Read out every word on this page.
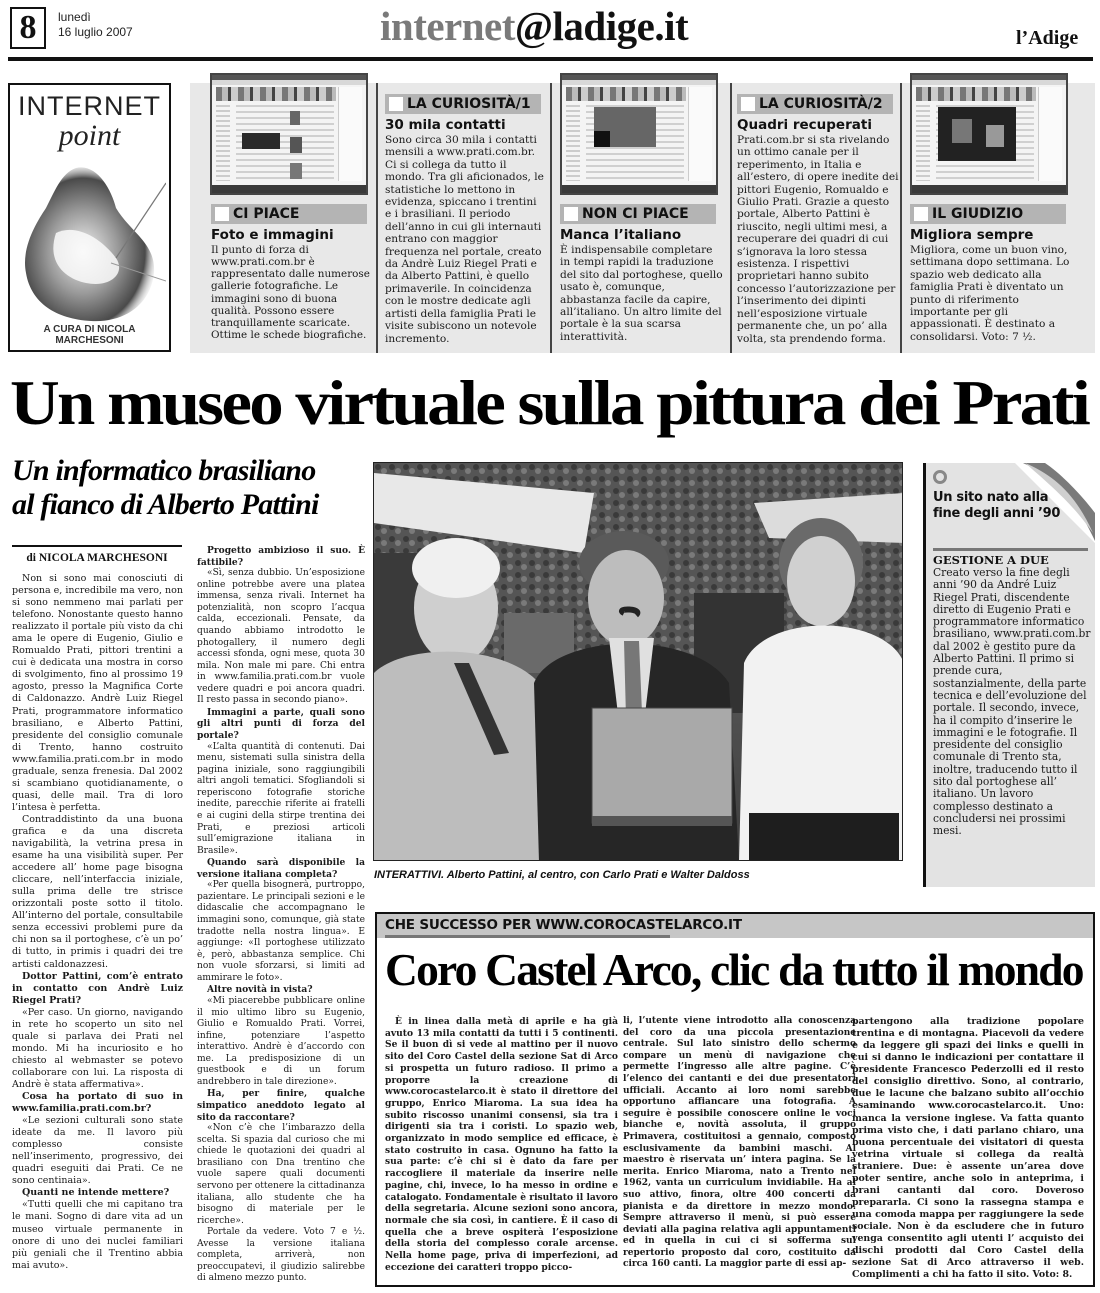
8	lunedì
16 luglio 2007	internet@ladige.it	l’Adige
INTERNET
point
A CURA DI NICOLA MARCHESONI
CI PIACE
Foto e immagini
Il punto di forza di www.prati.com.br è rappresentato dalle numerose gallerie fotografiche. Le immagini sono di buona qualità. Possono essere tranquillamente scaricate. Ottime le schede biografiche.
LA CURIOSITÀ/1
30 mila contatti
Sono circa 30 mila i contatti mensili a www.prati.com.br. Ci si collega da tutto il mondo. Tra gli aficionados, le statistiche lo mettono in evidenza, spiccano i trentini e i brasiliani. Il periodo dell’anno in cui gli internauti entrano con maggior frequenza nel portale, creato da Andrè Luiz Riegel Prati e da Alberto Pattini, è quello primaverile. In coincidenza con le mostre dedicate agli artisti della famiglia Prati le visite subiscono un notevole incremento.
NON CI PIACE
Manca l’italiano
È indispensabile completare in tempi rapidi la traduzione del sito dal portoghese, quello usato è, comunque, abbastanza facile da capire, all’italiano. Un altro limite del portale è la sua scarsa interattività.
LA CURIOSITÀ/2
Quadri recuperati
Prati.com.br si sta rivelando un ottimo canale per il reperimento, in Italia e all’estero, di opere inedite dei pittori Eugenio, Romualdo e Giulio Prati. Grazie a questo portale, Alberto Pattini è riuscito, negli ultimi mesi, a recuperare dei quadri di cui s’ignorava la loro stessa esistenza. I rispettivi proprietari hanno subito concesso l’autorizzazione per l’inserimento dei dipinti nell’esposizione virtuale permanente che, un po’ alla volta, sta prendendo forma.
IL GIUDIZIO
Migliora sempre
Migliora, come un buon vino, settimana dopo settimana. Lo spazio web dedicato alla famiglia Prati è diventato un punto di riferimento importante per gli appassionati. È destinato a consolidarsi. Voto: 7 ½.
Un museo virtuale sulla pittura dei Prati
Un informatico brasiliano
al fianco di Alberto Pattini
di NICOLA MARCHESONI

Non si sono mai conosciuti di persona e, incredibile ma vero, non si sono nemmeno mai parlati per telefono. Nonostante questo hanno realizzato il portale più visto da chi ama le opere di Eugenio, Giulio e Romualdo Prati, pittori trentini a cui è dedicata una mostra in corso di svolgimento, fino al prossimo 19 agosto, presso la Magnifica Corte di Caldonazzo. Andrè Luiz Riegel Prati, programmatore informatico brasiliano, e Alberto Pattini, presidente del consiglio comunale di Trento, hanno costruito www.familia.prati.com.br in modo graduale, senza frenesia. Dal 2002 si scambiano quotidianamente, o quasi, delle mail. Tra di loro l’intesa è perfetta.

Contraddistinto da una buona grafica e da una discreta navigabilità, la vetrina presa in esame ha una visibilità super. Per accedere all’ home page bisogna cliccare, nell’interfaccia iniziale, sulla prima delle tre strisce orizzontali poste sotto il titolo. All’interno del portale, consultabile senza eccessivi problemi pure da chi non sa il portoghese, c’è un po’ di tutto, in primis i quadri dei tre artisti caldonazzesi.

Dottor Pattini, com’è entrato in contatto con Andrè Luiz Riegel Prati?

«Per caso. Un giorno, navigando in rete ho scoperto un sito nel quale si parlava dei Prati nel mondo. Mi ha incuriosito e ho chiesto al webmaster se potevo collaborare con lui. La risposta di Andrè è stata affermativa».

Cosa ha portato di suo in www.familia.prati.com.br?

«Le sezioni culturali sono state ideate da me. Il lavoro più complesso consiste nell’inserimento, progressivo, dei quadri eseguiti dai Prati. Ce ne sono centinaia».

Quanti ne intende mettere?

«Tutti quelli che mi capitano tra le mani. Sogno di dare vita ad un museo virtuale permanente in onore di uno dei nuclei familiari più geniali che il Trentino abbia mai avuto».

Progetto ambizioso il suo. È fattibile?

«Sì, senza dubbio. Un’esposizione online potrebbe avere una platea immensa, senza rivali. Internet ha potenzialità, non scopro l’acqua calda, eccezionali. Pensate, da quando abbiamo introdotto le photogallery, il numero degli accessi sfonda, ogni mese, quota 30 mila. Non male mi pare. Chi entra in www.familia.prati.com.br vuole vedere quadri e poi ancora quadri. Il resto passa in secondo piano».

Immagini a parte, quali sono gli altri punti di forza del portale?

«L’alta quantità di contenuti. Dai menu, sistemati sulla sinistra della pagina iniziale, sono raggiungibili altri angoli tematici. Sfogliandoli si reperiscono fotografie storiche inedite, parecchie riferite ai fratelli e ai cugini della stirpe trentina dei Prati, e preziosi articoli sull’emigrazione italiana in Brasile».

Quando sarà disponibile la versione italiana completa?

«Per quella bisognerà, purtroppo, pazientare. Le principali sezioni e le didascalie che accompagnano le immagini sono, comunque, già state tradotte nella nostra lingua». E aggiunge: «Il portoghese utilizzato è, però, abbastanza semplice. Chi non vuole sforzarsi, si limiti ad ammirare le foto».

Altre novità in vista?

«Mi piacerebbe pubblicare online il mio ultimo libro su Eugenio, Giulio e Romualdo Prati. Vorrei, infine, potenziare l’aspetto interattivo. Andrè è d’accordo con me. La predisposizione di un guestbook e di un forum andrebbero in tale direzione».

Ha, per finire, qualche simpatico aneddoto legato al sito da raccontare?

«Non c’è che l’imbarazzo della scelta. Si spazia dal curioso che mi chiede le quotazioni dei quadri al brasiliano con Dna trentino che vuole sapere quali documenti servono per ottenere la cittadinanza italiana, allo studente che ha bisogno di materiale per le ricerche».

Portale da vedere. Voto 7 e ½. Avesse la versione italiana completa, arriverà, non preoccupatevi, il giudizio salirebbe di almeno mezzo punto.

INTERATTIVI. Alberto Pattini, al centro, con Carlo Prati e Walter Daldoss
Un sito nato alla fine degli anni ’90
GESTIONE A DUE
Creato verso la fine degli anni ’90 da André Luiz Riegel Prati, discendente diretto di Eugenio Prati e programmatore informatico brasiliano, www.prati.com.br dal 2002 è gestito pure da Alberto Pattini. Il primo si prende cura, sostanzialmente, della parte tecnica e dell’evoluzione del portale. Il secondo, invece, ha il compito d’inserire le immagini e le fotografie. Il presidente del consiglio comunale di Trento sta, inoltre, traducendo tutto il sito dal portoghese all’ italiano. Un lavoro complesso destinato a concludersi nei prossimi mesi.
CHE SUCCESSO PER WWW.COROCASTELARCO.IT
Coro Castel Arco, clic da tutto il mondo

È in linea dalla metà di aprile e ha già avuto 13 mila contatti da tutti i 5 continenti. Se il buon dì si vede al mattino per il nuovo sito del Coro Castel della sezione Sat di Arco si prospetta un futuro radioso. Il primo a proporre la creazione di www.corocastelarco.it è stato il direttore del gruppo, Enrico Miaroma. La sua idea ha subito riscosso unanimi consensi, sia tra i dirigenti sia tra i coristi. Lo spazio web, organizzato in modo semplice ed efficace, è stato costruito in casa. Ognuno ha fatto la sua parte: c’è chi si è dato da fare per raccogliere il materiale da inserire nelle pagine, chi, invece, lo ha messo in ordine e catalogato. Fondamentale è risultato il lavoro della segretaria. Alcune sezioni sono ancora, normale che sia così, in cantiere. È il caso di quella che a breve ospiterà l’esposizione della storia del complesso corale arcense. Nella home page, priva di imperfezioni, ad eccezione dei caratteri troppo picco-

li, l’utente viene introdotto alla conoscenza del coro da una piccola presentazione centrale. Sul lato sinistro dello schermo compare un menù di navigazione che permette l’ingresso alle altre pagine. C’è l’elenco dei cantanti e dei due presentatori ufficiali. Accanto ai loro nomi sarebbe opportuno affiancare una fotografia. A seguire è possibile conoscere online le voci bianche e, novità assoluta, il gruppo Primavera, costituitosi a gennaio, composto esclusivamente da bambini maschi. Al maestro è riservata un’ intera pagina. Se la merita. Enrico Miaroma, nato a Trento nel 1962, vanta un curriculum invidiabile. Ha al suo attivo, finora, oltre 400 concerti da pianista e da direttore in mezzo mondo. Sempre attraverso il menù, si può essere deviati alla pagina relativa agli appuntamenti ed in quella in cui ci si sofferma sul repertorio proposto dal coro, costituito da circa 160 canti. La maggior parte di essi ap-

partengono alla tradizione popolare trentina e di montagna. Piacevoli da vedere e da leggere gli spazi dei links e quelli in cui si danno le indicazioni per contattare il presidente Francesco Pederzolli ed il resto del consiglio direttivo. Sono, al contrario, due le lacune che balzano subito all’occhio esaminando www.corocastelarco.it. Uno: manca la versione inglese. Va fatta quanto prima visto che, i dati parlano chiaro, una buona percentuale dei visitatori di questa vetrina virtuale si collega da realtà straniere. Due: è assente un’area dove poter sentire, anche solo in anteprima, i brani cantanti dal coro. Doveroso prepararla. Ci sono la rassegna stampa e una comoda mappa per raggiungere la sede sociale. Non è da escludere che in futuro venga consentito agli utenti l’ acquisto dei dischi prodotti dal Coro Castel della sezione Sat di Arco attraverso il web. Complimenti a chi ha fatto il sito. Voto: 8.
